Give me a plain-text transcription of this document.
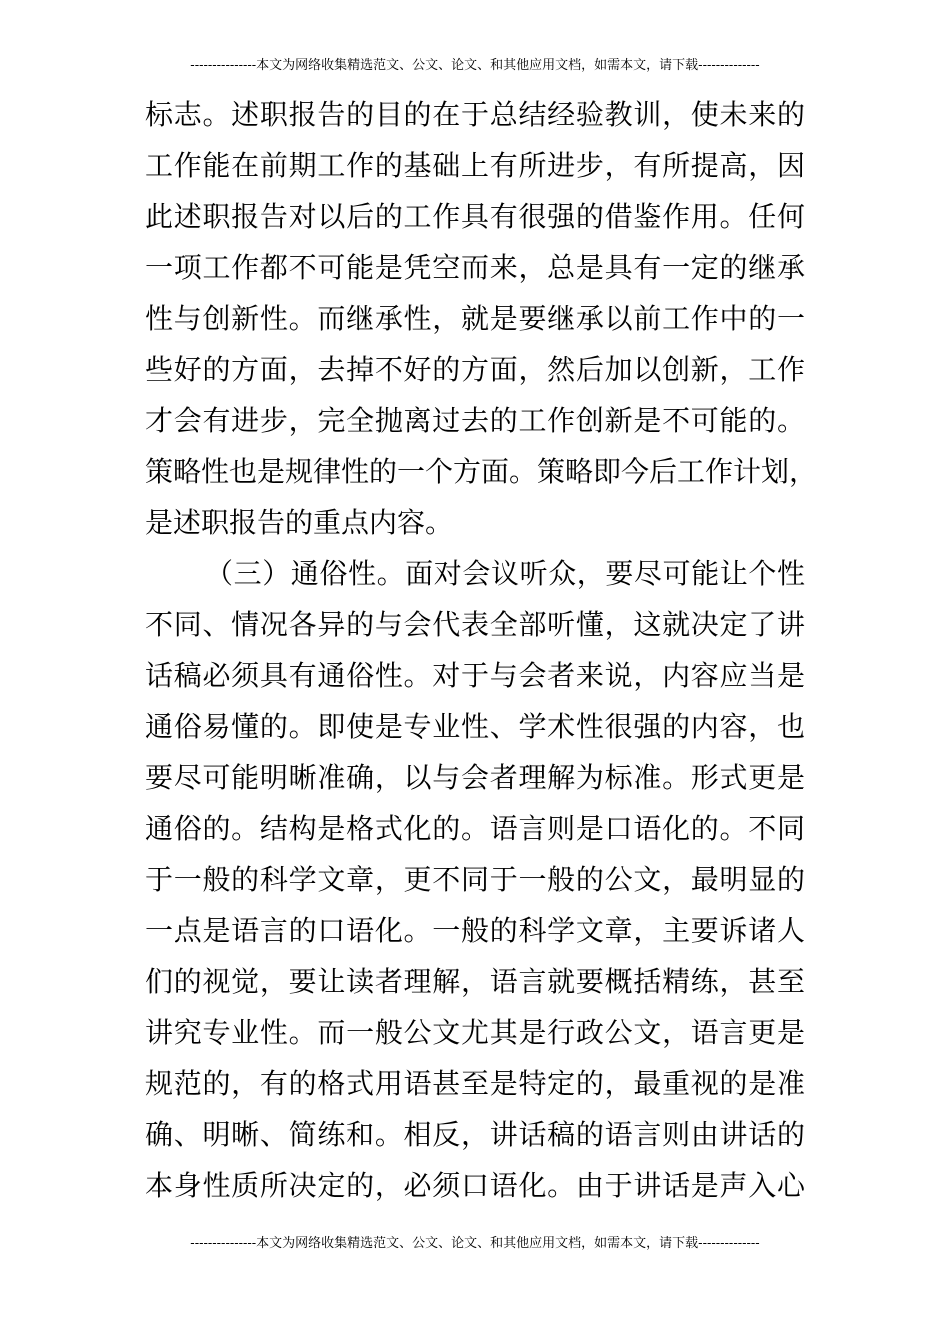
---------------本文为网络收集精选范文、公文、论文、和其他应用文档，如需本文，请下载--------------
标志。述职报告的目的在于总结经验教训，使未来的
工作能在前期工作的基础上有所进步，有所提高，因
此述职报告对以后的工作具有很强的借鉴作用。任何
一项工作都不可能是凭空而来，总是具有一定的继承
性与创新性。而继承性，就是要继承以前工作中的一
些好的方面，去掉不好的方面，然后加以创新，工作
才会有进步，完全抛离过去的工作创新是不可能的。
策略性也是规律性的一个方面。策略即今后工作计划，
是述职报告的重点内容。
（三）通俗性。面对会议听众，要尽可能让个性
不同、情况各异的与会代表全部听懂，这就决定了讲
话稿必须具有通俗性。对于与会者来说，内容应当是
通俗易懂的。即使是专业性、学术性很强的内容，也
要尽可能明晰准确，以与会者理解为标准。形式更是
通俗的。结构是格式化的。语言则是口语化的。不同
于一般的科学文章，更不同于一般的公文，最明显的
一点是语言的口语化。一般的科学文章，主要诉诸人
们的视觉，要让读者理解，语言就要概括精练，甚至
讲究专业性。而一般公文尤其是行政公文，语言更是
规范的，有的格式用语甚至是特定的，最重视的是准
确、明晰、简练和。相反，讲话稿的语言则由讲话的
本身性质所决定的，必须口语化。由于讲话是声入心
---------------本文为网络收集精选范文、公文、论文、和其他应用文档，如需本文，请下载--------------
